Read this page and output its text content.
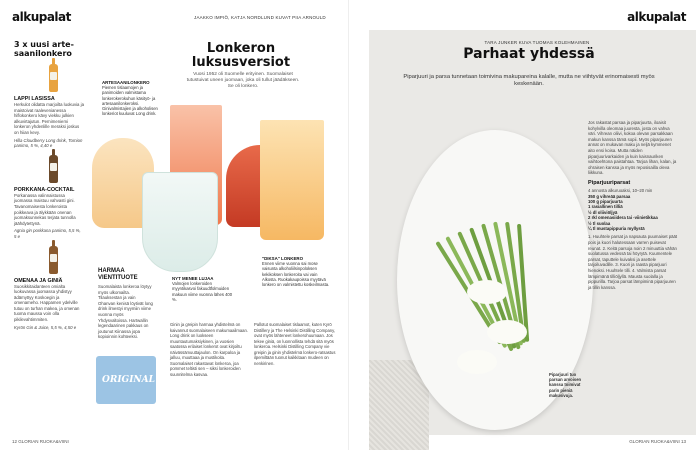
alkupalat	JAAKKO IMPIÖ, KATJA NORDLUND KUVAT PIIA ARNOULD
3 x uusi arte-saanilonkero
LAPPI LASISSA
Herkulot olidatta marjoilta luokuvia ja maistoivat raalevenianessa hiflokonkero kävy viekku julkien alkuvirtajutun. Pernimeniemi lonkeron yhdenlille meraksi joskus on hiian kevy.
Hilla Cloudberry Long drink, Tornion panimo, 5 %, 4,40 e
PORKKANA-COCKTAIL
Porkanassa valinnaistussa juomassa maistuu vahvasti gini. Tavanomaisesta lonkeroista poikkeava ja älykkään onenan juomaksunnekas terjata tunnolla jäähdytettynä.
Agnia gin porkkana panimo, 5,5 %, 5 e
OMENAA JA GINIÄ
Suosikkitaidanteen omialta luokuvassa juomassa yhdistyy ädämyttyy Koskoegin ja omenameho. Happamen ydelville tutuu on turhan makea, ja omenan tuoma maussa voin olla pikilevahtimmiten.
Kyrön Gin & Juice, 5,5 %, 4,50 e
Lonkeron luksusversiot
Vuosi 1952 oli Suomelle erityinen. Suomalaiset tutustuivat uneen juomaan, joka oli tullut jäädäkseen. Se oli lonkero.
ARTESAANILONKERO
Piemen tislaamojen ja panimoiden valmistama lonkerokerokuhun käsityö- ja artesaanilonkeroksi. Ginivalmistajien ja alkoholisen lonkeriot kuuluvat Long drink.
NYT MENEE LUJAA
Valmojen lonkeroiden myyntikasvoi fakuudtfolmuiden makuun viime vuonna lähes 400 %.
"DIKSA" LONKERO
Ennen viime vuonna sai mose vaisunta alkoholiilsinpoloksen kekikoksen lonkeroita vai vain Alkosta. Ruokakaupoissa myytävä lonkero on valmistettu koskeilmasta.
HARMAA VIENTITUOTE
Suomalaista lonkeroa löytyy myös ulkomailta. Tilauksestan ja vain Ohanvan kenisä löytivät long drink ilmestyi myymiin viime vuonna myös Yhdysvaltoissa. Hartwallin legendaarinen pakkaus on joutunut Kiinassa jopa kopioinnin kohteeksi.
ORIGINAL
Ginin ja greipin harmaa yhdistelmä on kaivannut suomalaiseen makumaailmaan. Long drink on luokseen muuntautumaksiykinen, ja vuosien saatossa erilaiset lonkerot ovat kirjoiltu näivässämuuttajaulon. On karpaloa ja jalluu, muuttaaa ja mustikoita. Suomalaiset rakastavat lonkeroa, joa pommet teltisti sen – siksi lonkeroiden suunnitelma kasvaa.
Pallotut suomalaiset tislaamot, kuten Kyrö Distillery ja The Helsinki Distilling Company, ovat myös lähteneet lonkerohuumaan. Jos tekee giniä, on luonnollista tehdä sitä myös lonkeroa. Helsinki Distilling Company vie greipin ja ginin yhdistelmä lonkero-ratsastus ilpemiltään tuonut kaikkitaan mudeen on nenkirinen.
12 GLORIAN RUOKA&VIINI
alkupalat
TARA JUNKER KUVA TUOMAS KOLEHMAINEN
Parhaat yhdessä
Piparjuuri ja parsa tunnetaan toimivina makupareina kalalle, mutta ne viihtyvät erinomaisesti myös keskenään.
Jos rakastat parsaa ja piparjuurta, iloaisit kohylvilla oleomaa juuresta, josta on vahva väri. Vihrean oliivi, kokoa olevan parsakkaan makun kanssa tämä sopii. Myös piparjuuren annat on mukavan maku ja neljä kymmenet aito ensi koisa. Mutta näiden piparjuurivarkaiden ja kuin kaisnauriken vaihtoehtona paistahtaa. Tarjoa lihan, kalan, ja ohraisen kanssa ja myös reposisailla oleva liikkuna.
Piparjuuriparsat
4 annosta alkuruoaksi, 10–20 min
350 g vihreää parsaa
100 g piparjuurta
1 rasiallinen tilliä
½ dl oliiviöljyä
2 rkl omenasiidera tai -viinietikkaa
½ tl suolaa
¼ tl mustapippuria myllystä
1. Huuhtele parsat ja napsauta puumaiset päät pois ja kuori halutessaan varren puisevat reunat. 2. Keitä parsoja noin 2 minuuttia vähän suolatussa vedessä tai höyrytä. Kuumentele parsat, taputtele kuivaksi ja asettele tarjoiluvadille. 3. Kuori ja raasta piparjuuri hienoksi. Huuhtele tilli. 4. Valmista parsat lämpimänä tilliöljyllä. Mausta suolalla ja pippurilla. Tarjoa parsat lämpiminä piparjuuren ja tillin kanssa.
Piparjuuri tuo parsan arvoisen kanssa toimivat parin pieniä makusivuja.
GLORIAN RUOKA&VIINI 13
